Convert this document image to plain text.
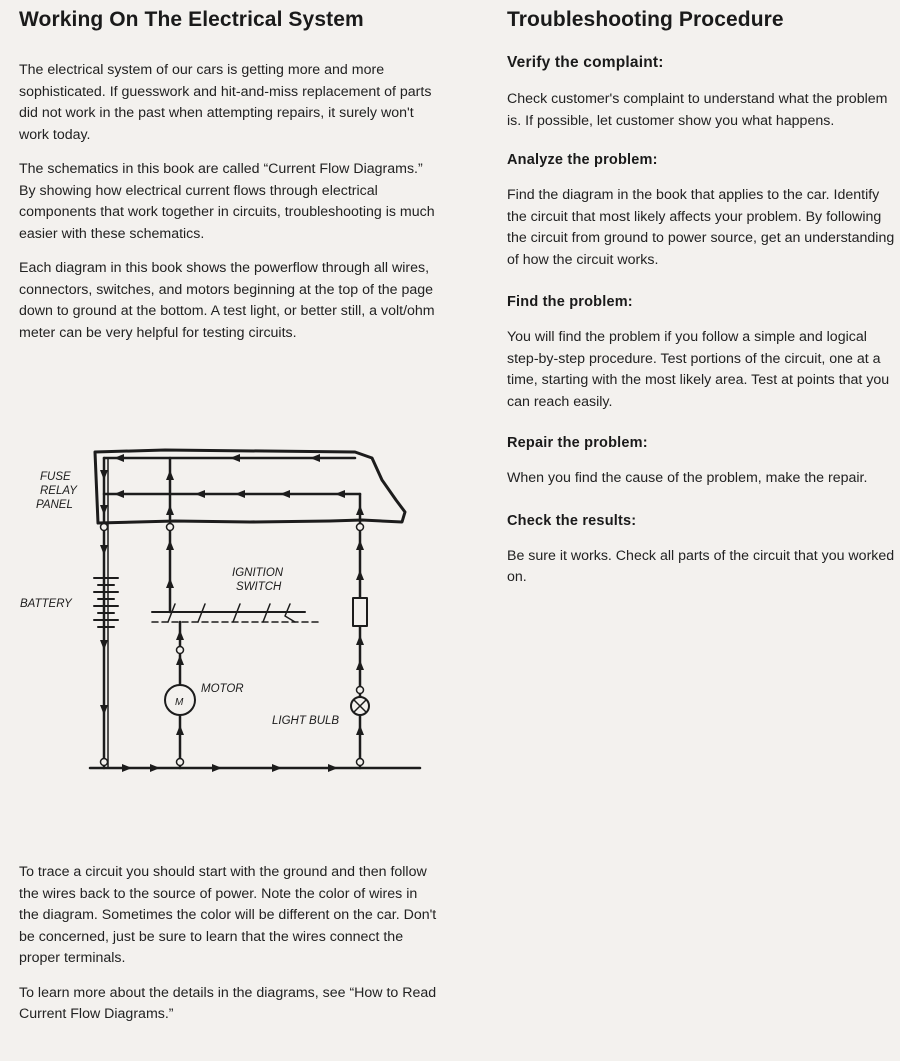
Working On The Electrical System

The electrical system of our cars is getting more and more sophisticated. If guesswork and hit-and-miss replacement of parts did not work in the past when attempting repairs, it surely won't work today.

The schematics in this book are called “Current Flow Diagrams.” By showing how electrical current flows through electrical components that work together in circuits, troubleshooting is much easier with these schematics.

Each diagram in this book shows the powerflow through all wires, connectors, switches, and motors beginning at the top of the page down to ground at the bottom. A test light, or better still, a volt/ohm meter can be very helpful for testing circuits.

FUSE
RELAY
PANEL
BATTERY
IGNITION
SWITCH
M
MOTOR
LIGHT BULB

To trace a circuit you should start with the ground and then follow the wires back to the source of power. Note the color of wires in the diagram. Sometimes the color will be different on the car. Don't be concerned, just be sure to learn that the wires connect the proper terminals.

To learn more about the details in the diagrams, see “How to Read Current Flow Diagrams.”

Troubleshooting Procedure
Verify the complaint:

Check customer's complaint to understand what the problem is. If possible, let customer show you what happens.

Analyze the problem:

Find the diagram in the book that applies to the car. Identify the circuit that most likely affects your problem. By following the circuit from ground to power source, get an understanding of how the circuit works.

Find the problem:

You will find the problem if you follow a simple and logical step-by-step procedure. Test portions of the circuit, one at a time, starting with the most likely area. Test at points that you can reach easily.

Repair the problem:

When you find the cause of the problem, make the repair.

Check the results:

Be sure it works. Check all parts of the circuit that you worked on.
